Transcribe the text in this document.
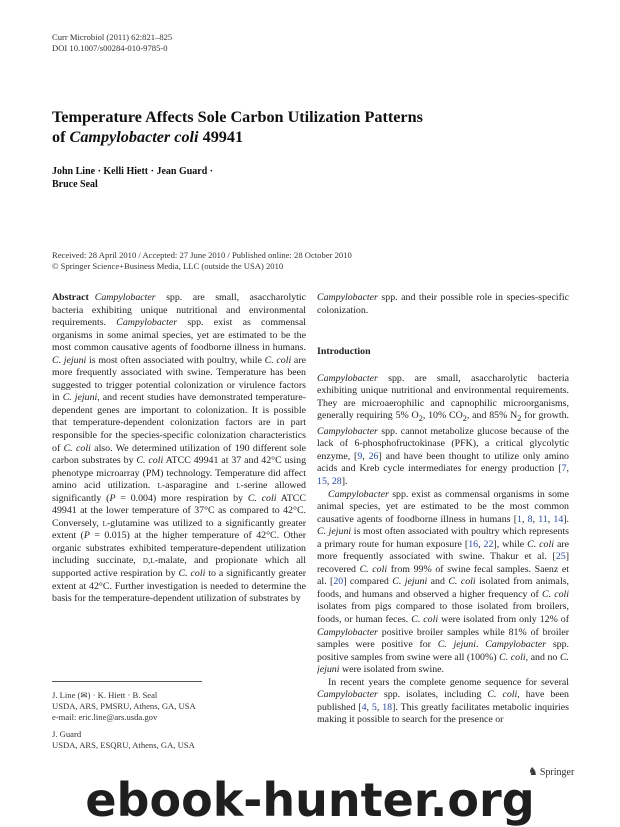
Curr Microbiol (2011) 62:821–825
DOI 10.1007/s00284-010-9785-0
Temperature Affects Sole Carbon Utilization Patterns
of Campylobacter coli 49941
John Line · Kelli Hiett · Jean Guard ·
Bruce Seal
Received: 28 April 2010 / Accepted: 27 June 2010 / Published online: 28 October 2010
© Springer Science+Business Media, LLC (outside the USA) 2010

Abstract Campylobacter spp. are small, asaccharolytic bacteria exhibiting unique nutritional and environmental requirements. Campylobacter spp. exist as commensal organisms in some animal species, yet are estimated to be the most common causative agents of foodborne illness in humans. C. jejuni is most often associated with poultry, while C. coli are more frequently associated with swine. Temperature has been suggested to trigger potential colonization or virulence factors in C. jejuni, and recent studies have demonstrated temperature-dependent genes are important to colonization. It is possible that temperature-dependent colonization factors are in part responsible for the species-specific colonization characteristics of C. coli also. We determined utilization of 190 different sole carbon substrates by C. coli ATCC 49941 at 37 and 42°C using phenotype microarray (PM) technology. Temperature did affect amino acid utilization. l-asparagine and l-serine allowed significantly (P = 0.004) more respiration by C. coli ATCC 49941 at the lower temperature of 37°C as compared to 42°C. Conversely, l-glutamine was utilized to a significantly greater extent (P = 0.015) at the higher temperature of 42°C. Other organic substrates exhibited temperature-dependent utilization including succinate, d,l-malate, and propionate which all supported active respiration by C. coli to a significantly greater extent at 42°C. Further investigation is needed to determine the basis for the temperature-dependent utilization of substrates by

Campylobacter spp. and their possible role in species-specific colonization.

Introduction

Campylobacter spp. are small, asaccharolytic bacteria exhibiting unique nutritional and environmental requirements. They are microaerophilic and capnophilic microorganisms, generally requiring 5% $O_2$, 10% $CO_2$, and 85% $N_2$ for growth. Campylobacter spp. cannot metabolize glucose because of the lack of 6-phosphofructokinase (PFK), a critical glycolytic enzyme, [9, 26] and have been thought to utilize only amino acids and Kreb cycle intermediates for energy production [7, 15, 28].

Campylobacter spp. exist as commensal organisms in some animal species, yet are estimated to be the most common causative agents of foodborne illness in humans [1, 8, 11, 14]. C. jejuni is most often associated with poultry which represents a primary route for human exposure [16, 22], while C. coli are more frequently associated with swine. Thakur et al. [25] recovered C. coli from 99% of swine fecal samples. Saenz et al. [20] compared C. jejuni and C. coli isolated from animals, foods, and humans and observed a higher frequency of C. coli isolates from pigs compared to those isolated from broilers, foods, or human feces. C. coli were isolated from only 12% of Campylobacter positive broiler samples while 81% of broiler samples were positive for C. jejuni. Campylobacter spp. positive samples from swine were all (100%) C. coli, and no C. jejuni were isolated from swine.

In recent years the complete genome sequence for several Campylobacter spp. isolates, including C. coli, have been published [4, 5, 18]. This greatly facilitates metabolic inquiries making it possible to search for the presence or

J. Line (✉) · K. Hiett · B. Seal
USDA, ARS, PMSRU, Athens, GA, USA
e-mail: eric.line@ars.usda.gov
J. Guard
USDA, ARS, ESQRU, Athens, GA, USA
♞ Springer
ebook-hunter.org
